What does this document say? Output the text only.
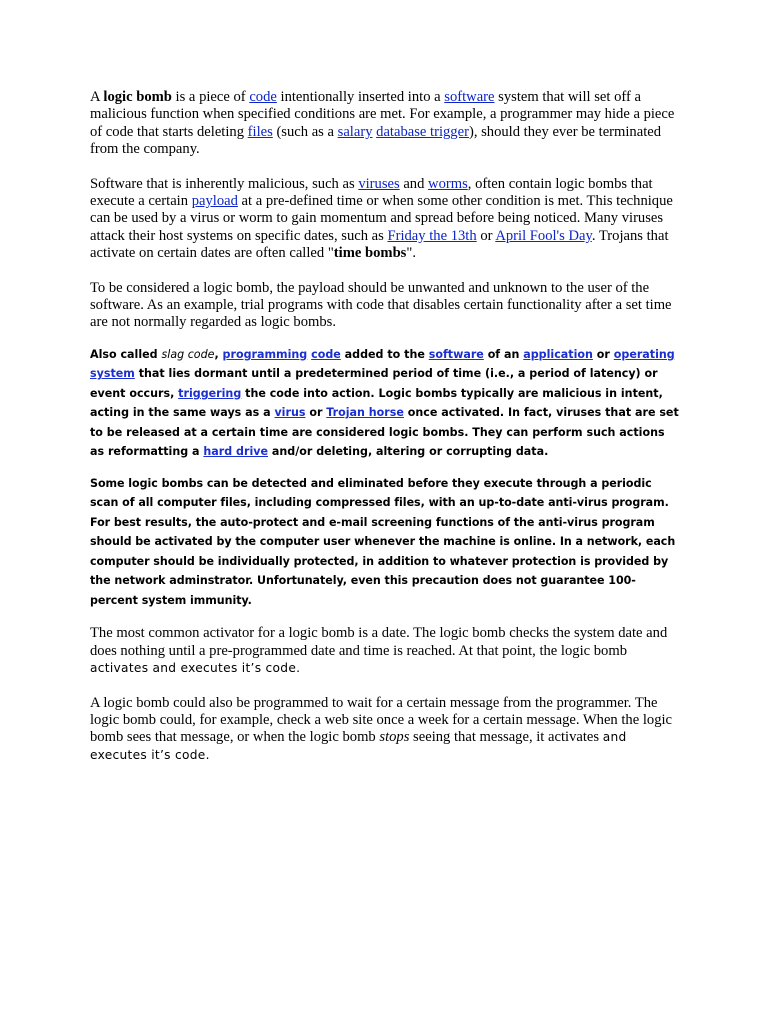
A logic bomb is a piece of code intentionally inserted into a software system that will set off a malicious function when specified conditions are met. For example, a programmer may hide a piece of code that starts deleting files (such as a salary database trigger), should they ever be terminated from the company.

Software that is inherently malicious, such as viruses and worms, often contain logic bombs that execute a certain payload at a pre-defined time or when some other condition is met. This technique can be used by a virus or worm to gain momentum and spread before being noticed. Many viruses attack their host systems on specific dates, such as Friday the 13th or April Fool's Day. Trojans that activate on certain dates are often called "time bombs".

To be considered a logic bomb, the payload should be unwanted and unknown to the user of the software. As an example, trial programs with code that disables certain functionality after a set time are not normally regarded as logic bombs.

Also called slag code, programming code added to the software of an application or operating system that lies dormant until a predetermined period of time (i.e., a period of latency) or event occurs, triggering the code into action. Logic bombs typically are malicious in intent, acting in the same ways as a virus or Trojan horse once activated. In fact, viruses that are set to be released at a certain time are considered logic bombs. They can perform such actions as reformatting a hard drive and/or deleting, altering or corrupting data.

Some logic bombs can be detected and eliminated before they execute through a periodic scan of all computer files, including compressed files, with an up-to-date anti-virus program. For best results, the auto-protect and e-mail screening functions of the anti-virus program should be activated by the computer user whenever the machine is online. In a network, each computer should be individually protected, in addition to whatever protection is provided by the network adminstrator. Unfortunately, even this precaution does not guarantee 100-percent system immunity.

The most common activator for a logic bomb is a date. The logic bomb checks the system date and does nothing until a pre-programmed date and time is reached. At that point, the logic bomb activates and executes it’s code.

A logic bomb could also be programmed to wait for a certain message from the programmer. The logic bomb could, for example, check a web site once a week for a certain message. When the logic bomb sees that message, or when the logic bomb stops seeing that message, it activates and executes it’s code.
